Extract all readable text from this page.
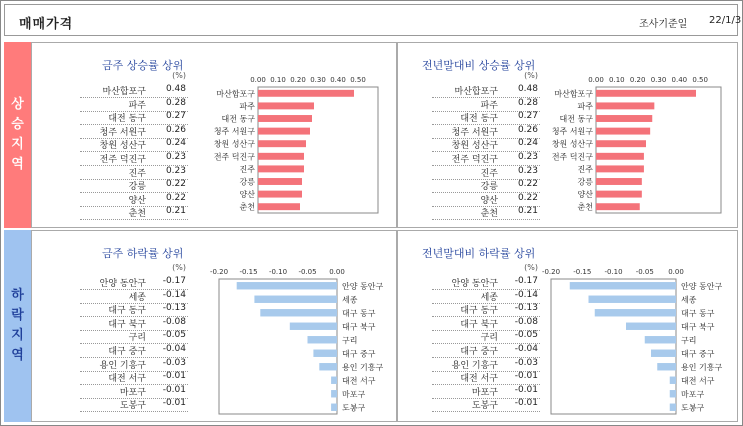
매매가격	조사기준일 22/1/3
상
승
지
역
하
락
지
역
금주 상승률 상위
(%)
마산합포구 0.48
파주 0.28
대전 동구 0.27
청주 서원구 0.26
창원 성산구 0.24
전주 덕진구 0.23
진주 0.23
강릉 0.22
양산 0.22
춘천 0.21
0.00 0.10 0.20 0.30 0.40 0.50
마산합포구
파주
대전 동구
청주 서원구
창원 성산구
전주 덕진구
진주
강릉
양산
춘천
전년말대비 상승률 상위
(%)
마산합포구 0.48
파주 0.28
대전 동구 0.27
청주 서원구 0.26
창원 성산구 0.24
전주 덕진구 0.23
진주 0.23
강릉 0.22
양산 0.22
춘천 0.21
0.00 0.10 0.20 0.30 0.40 0.50
마산합포구
파주
대전 동구
청주 서원구
창원 성산구
전주 덕진구
진주
강릉
양산
춘천
금주 하락률 상위
(%)
안양 동안구 -0.17
세종 -0.14
대구 동구 -0.13
대구 북구 -0.08
구리 -0.05
대구 중구 -0.04
용인 기흥구 -0.03
대전 서구 -0.01
마포구 -0.01
도봉구 -0.01
-0.20 -0.15 -0.10 -0.05 0.00
안양 동안구
세종
대구 동구
대구 북구
구리
대구 중구
용인 기흥구
대전 서구
마포구
도봉구
전년말대비 하락률 상위
(%)
안양 동안구 -0.17
세종 -0.14
대구 동구 -0.13
대구 북구 -0.08
구리 -0.05
대구 중구 -0.04
용인 기흥구 -0.03
대전 서구 -0.01
마포구 -0.01
도봉구 -0.01
-0.20 -0.15 -0.10 -0.05 0.00
안양 동안구
세종
대구 동구
대구 북구
구리
대구 중구
용인 기흥구
대전 서구
마포구
도봉구
